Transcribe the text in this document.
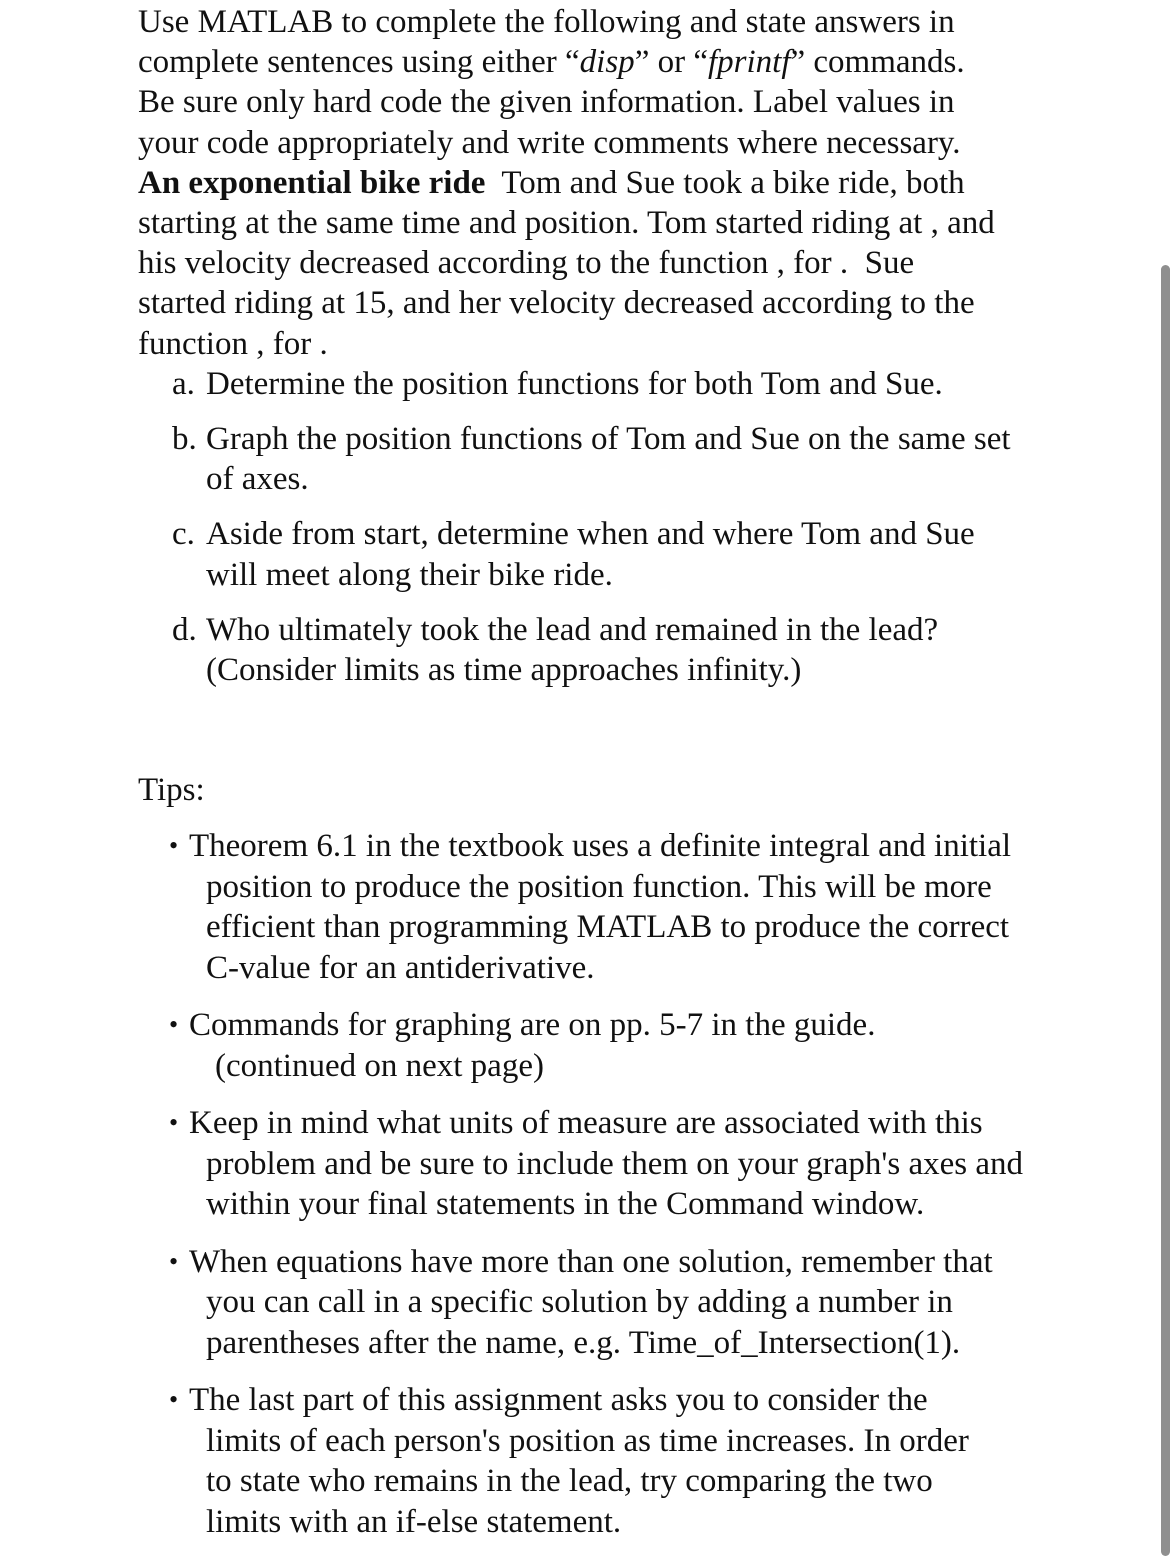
Use MATLAB to complete the following and state answers in
complete sentences using either “disp” or “fprintf” commands.
Be sure only hard code the given information. Label values in
your code appropriately and write comments where necessary.
An exponential bike ride  Tom and Sue took a bike ride, both
starting at the same time and position. Tom started riding at , and
his velocity decreased according to the function , for .  Sue
started riding at 15, and her velocity decreased according to the
function , for .

a. Determine the position functions for both Tom and Sue.
b. Graph the position functions of Tom and Sue on the same set of axes.
c. Aside from start, determine when and where Tom and Sue will meet along their bike ride.
d. Who ultimately took the lead and remained in the lead? (Consider limits as time approaches infinity.)
Tips:
• Theorem 6.1 in the textbook uses a definite integral and initial position to produce the position function. This will be more efficient than programming MATLAB to produce the correct C-value for an antiderivative.
• Commands for graphing are on pp. 5-7 in the guide.
(continued on next page)
• Keep in mind what units of measure are associated with this problem and be sure to include them on your graph's axes and within your final statements in the Command window.
• When equations have more than one solution, remember that you can call in a specific solution by adding a number in parentheses after the name, e.g. Time_of_Intersection(1).
• The last part of this assignment asks you to consider the limits of each person's position as time increases. In order to state who remains in the lead, try comparing the two limits with an if-else statement.
